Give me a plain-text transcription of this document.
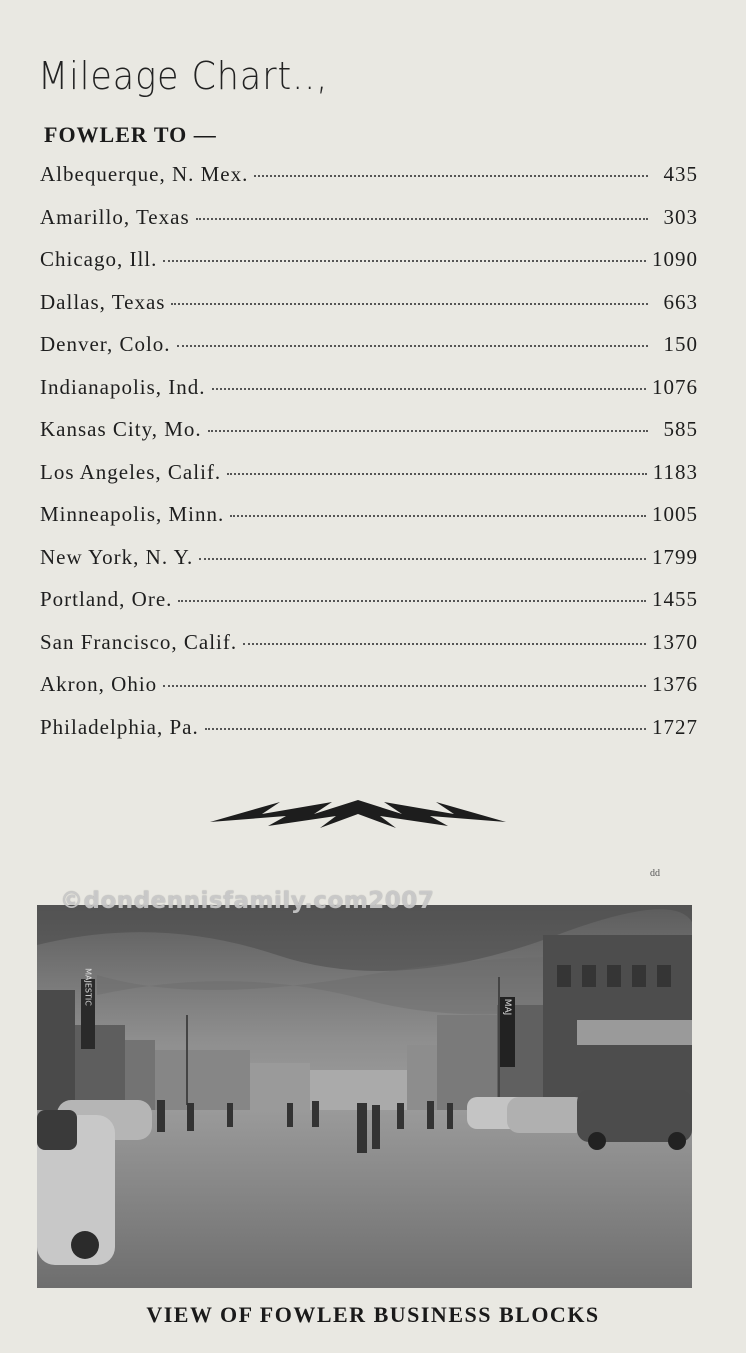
Mileage Chart..,
FOWLER TO —
Albequerque, N. Mex.	435
Amarillo, Texas	303
Chicago, Ill.	1090
Dallas, Texas	663
Denver, Colo.	150
Indianapolis, Ind.	1076
Kansas City, Mo.	585
Los Angeles, Calif.	1183
Minneapolis, Minn.	1005
New York, N. Y.	1799
Portland, Ore.	1455
San Francisco, Calif.	1370
Akron, Ohio	1376
Philadelphia, Pa.	1727
dd
MAJESTIC
MAJ
©dondennisfamily.com2007
VIEW OF FOWLER BUSINESS BLOCKS
